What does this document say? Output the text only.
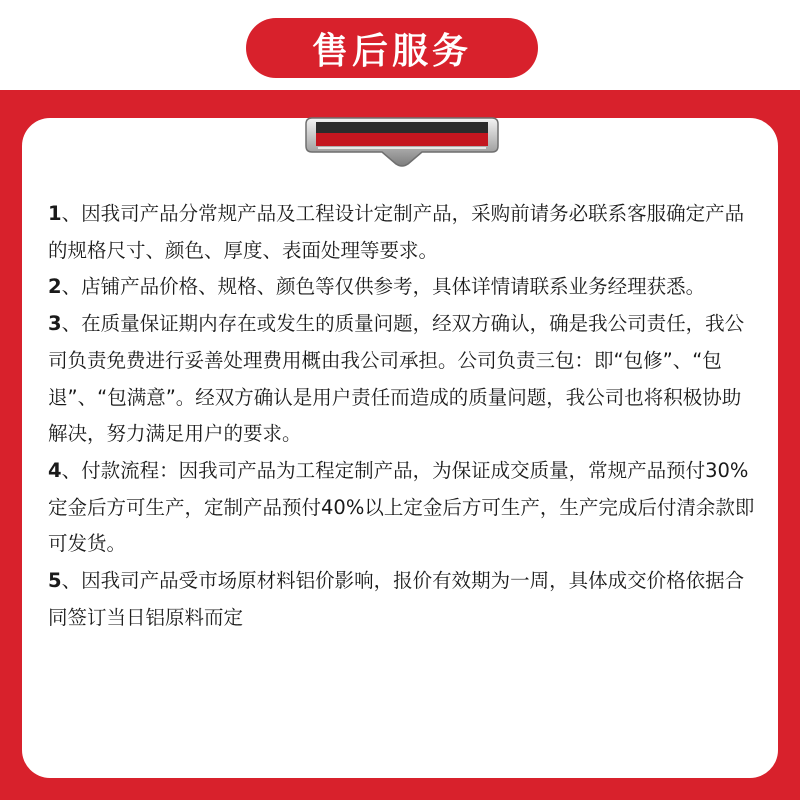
售后服务

1、因我司产品分常规产品及工程设计定制产品，采购前请务必联系客服确定产品的规格尺寸、颜色、厚度、表面处理等要求。

2、店铺产品价格、规格、颜色等仅供参考，具体详情请联系业务经理获悉。

3、在质量保证期内存在或发生的质量问题，经双方确认，确是我公司责任，我公司负责免费进行妥善处理费用概由我公司承担。公司负责三包：即“包修”、“包退”、“包满意”。经双方确认是用户责任而造成的质量问题，我公司也将积极协助解决，努力满足用户的要求。

4、付款流程：因我司产品为工程定制产品，为保证成交质量，常规产品预付30%定金后方可生产，定制产品预付40%以上定金后方可生产，生产完成后付清余款即可发货。

5、因我司产品受市场原材料铝价影响，报价有效期为一周，具体成交价格依据合同签订当日铝原料而定
